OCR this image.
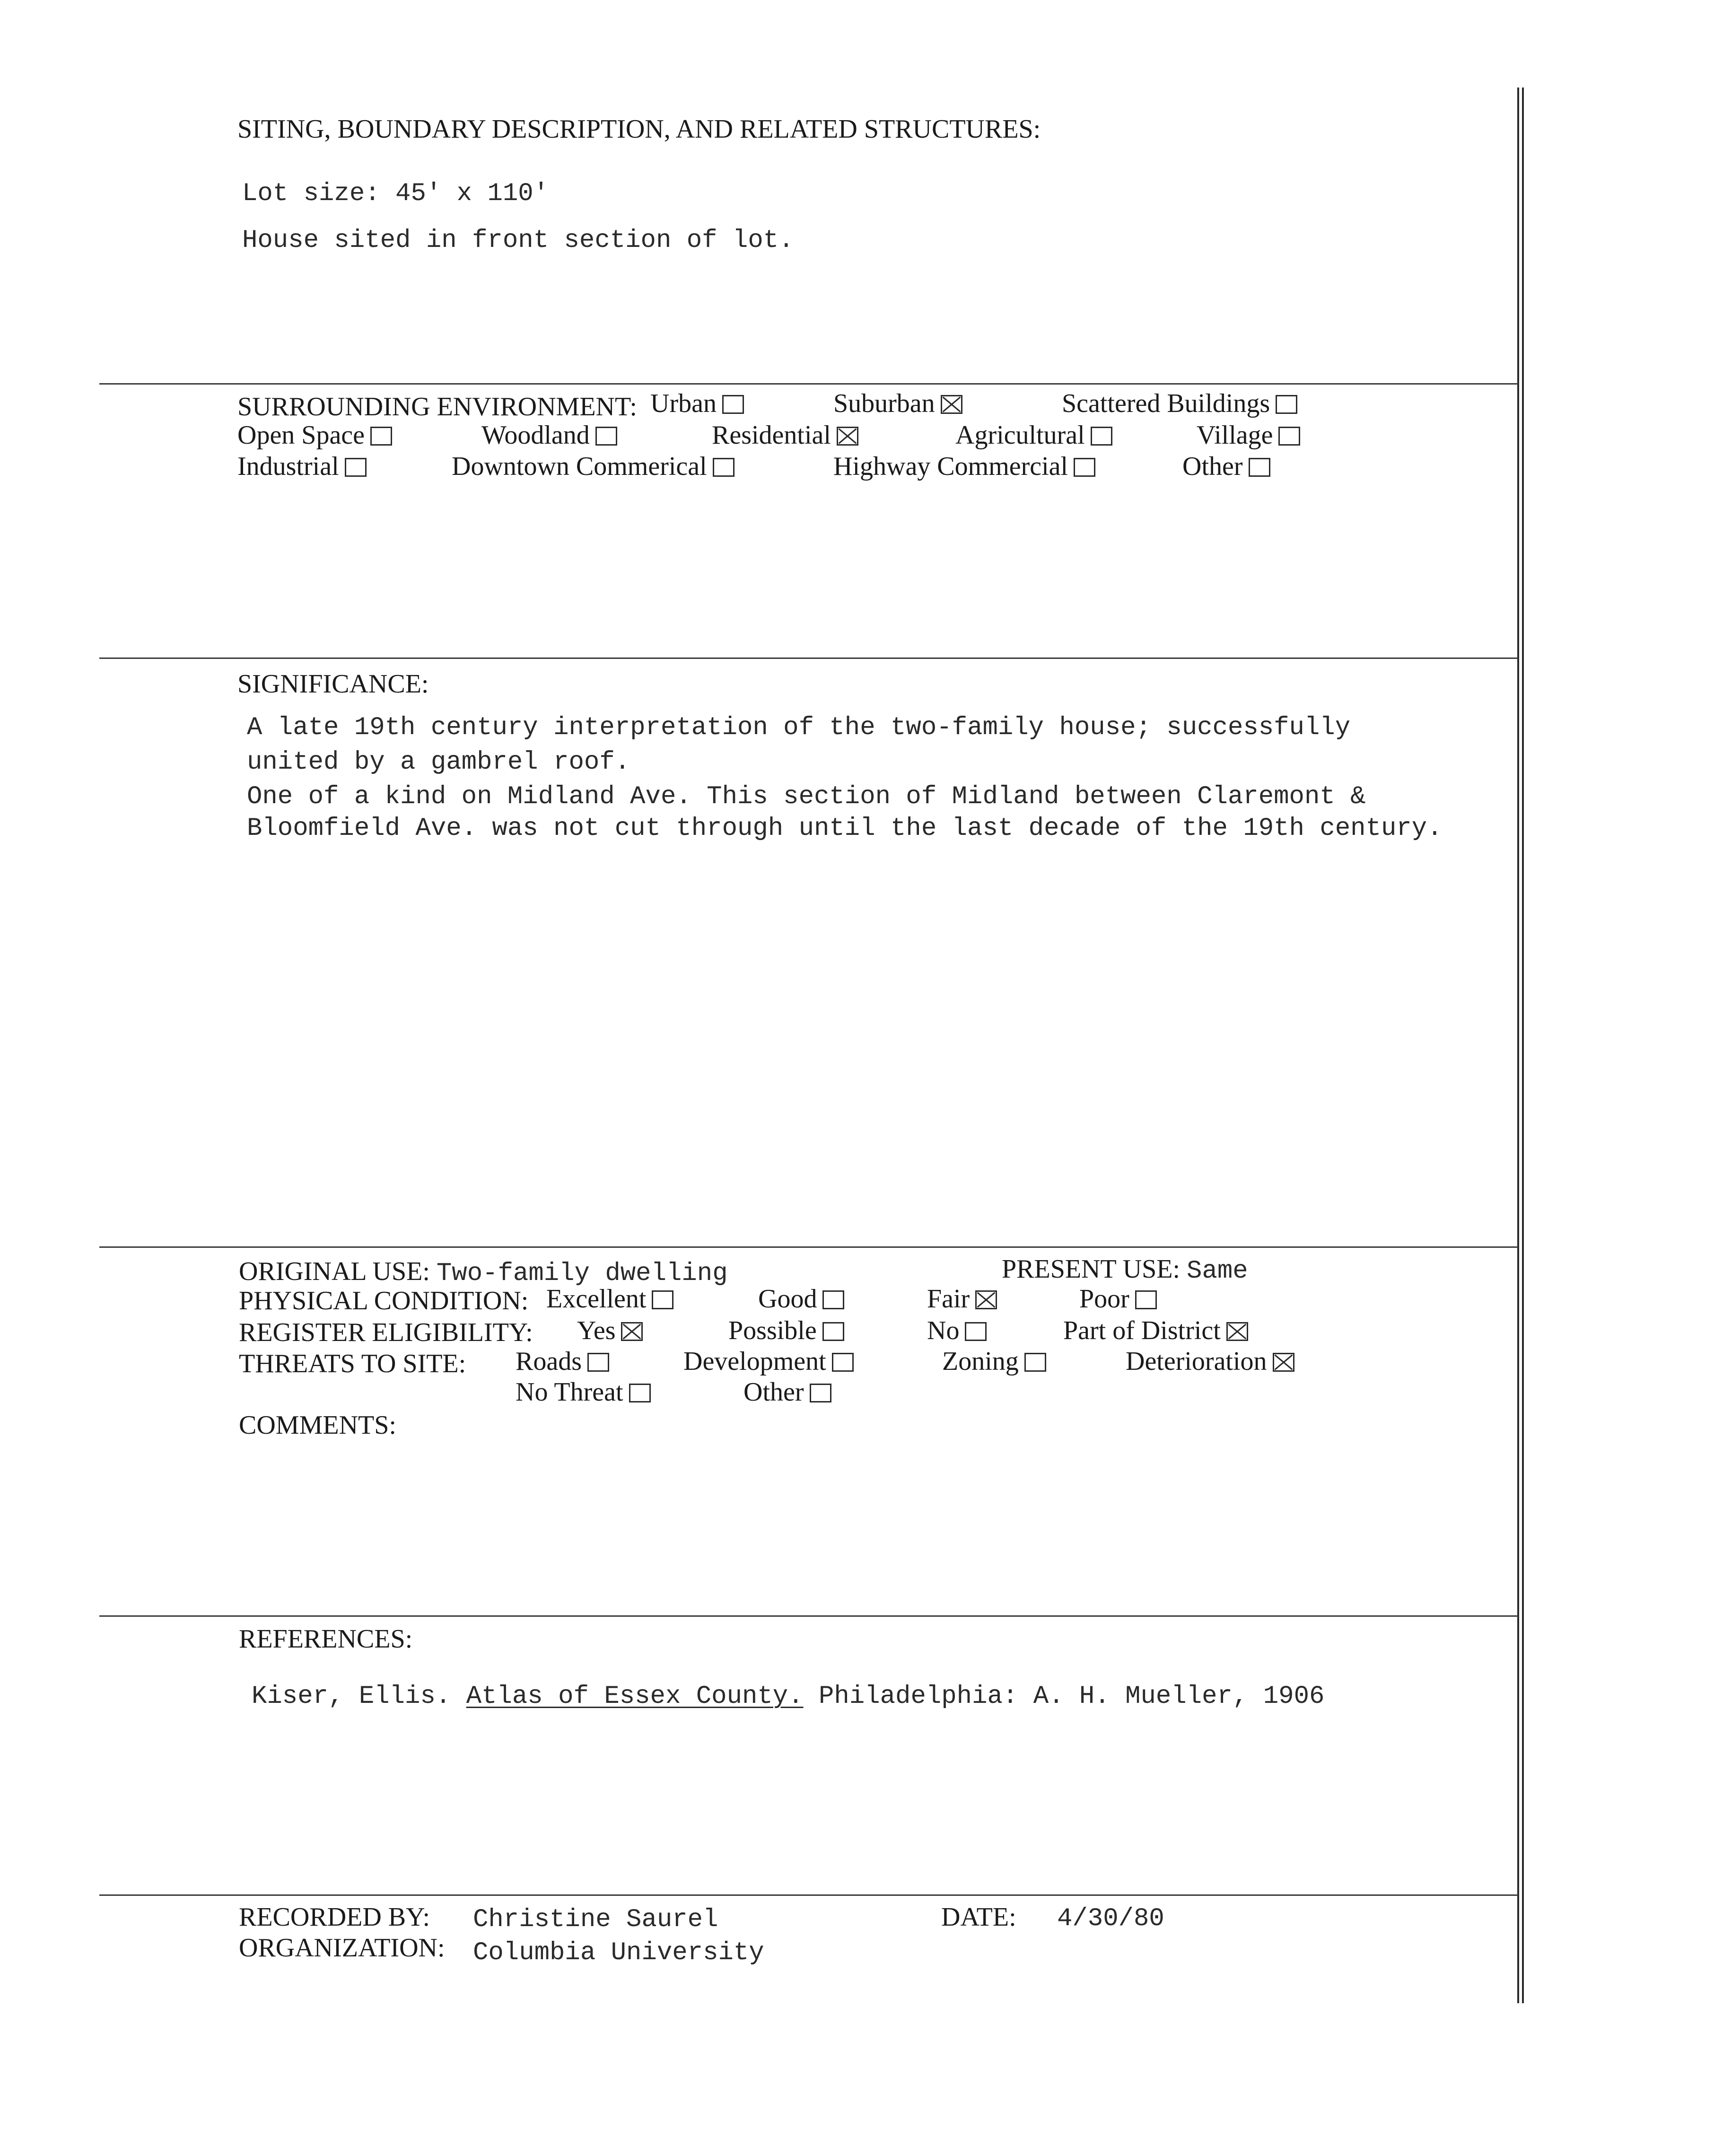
SITING, BOUNDARY DESCRIPTION, AND RELATED STRUCTURES:
Lot size: 45' x 110'
House sited in front section of lot.
SURROUNDING ENVIRONMENT: Urban	Suburban	Scattered Buildings
Open Space	Woodland	Residential	Agricultural	Village
Industrial	Downtown Commerical	Highway Commercial	Other
SIGNIFICANCE:
A late 19th century interpretation of the two-family house; successfully
united by a gambrel roof.
One of a kind on Midland Ave. This section of Midland between Claremont &
Bloomfield Ave. was not cut through until the last decade of the 19th century.
ORIGINAL USE: Two-family dwelling	PRESENT USE: Same
PHYSICAL CONDITION: Excellent	Good	Fair	Poor
REGISTER ELIGIBILITY: Yes	Possible	No	Part of District
THREATS TO SITE: Roads	Development	Zoning	Deterioration
No Threat	Other
COMMENTS:
REFERENCES:
Kiser, Ellis. Atlas of Essex County. Philadelphia: A. H. Mueller, 1906
RECORDED BY: Christine Saurel
ORGANIZATION: Columbia University
DATE: 4/30/80
